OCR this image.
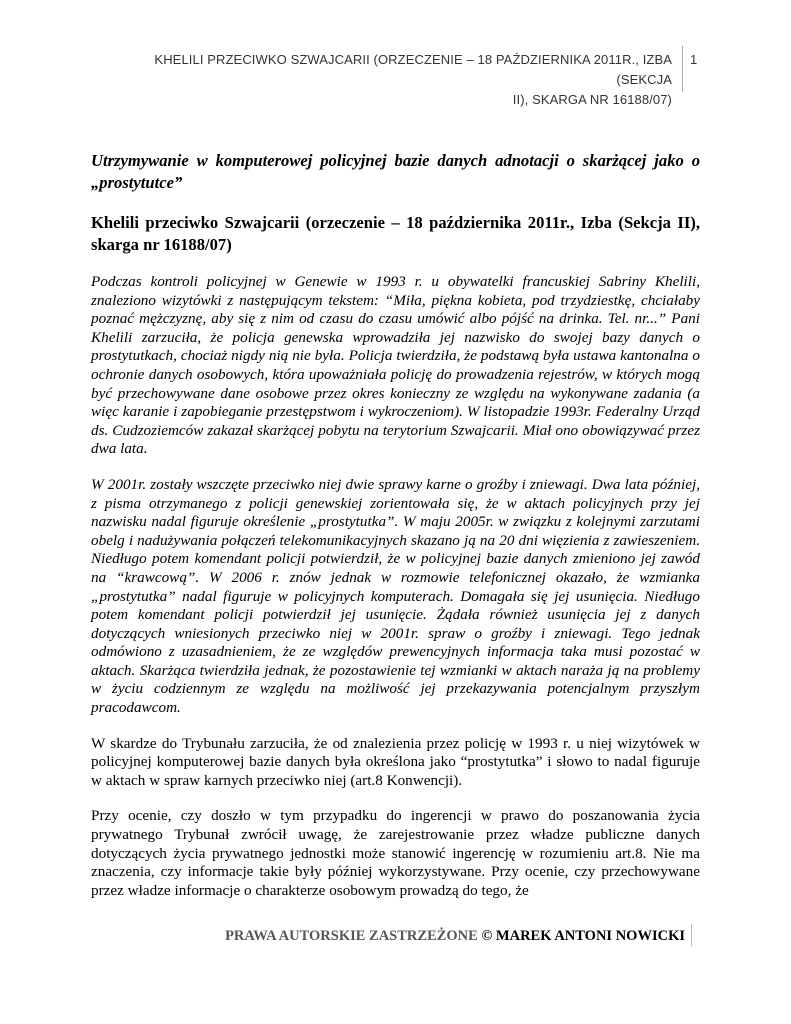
KHELILI PRZECIWKO SZWAJCARII (ORZECZENIE – 18 PAŹDZIERNIKA 2011R., IZBA (SEKCJA
II), SKARGA NR 16188/07)
1

Utrzymywanie w komputerowej policyjnej bazie danych adnotacji o skarżącej jako o „prostytutce”

Khelili przeciwko Szwajcarii (orzeczenie – 18 października 2011r., Izba (Sekcja II), skarga nr 16188/07)

Podczas kontroli policyjnej w Genewie w 1993 r. u obywatelki francuskiej Sabriny Khelili, znaleziono wizytówki z następującym tekstem: “Miła, piękna kobieta, pod trzydziestkę, chciałaby poznać mężczyznę, aby się z nim od czasu do czasu umówić albo pójść na drinka. Tel. nr...” Pani Khelili zarzuciła, że policja genewska wprowadziła jej nazwisko do swojej bazy danych o prostytutkach, chociaż nigdy nią nie była. Policja twierdziła, że podstawą była ustawa kantonalna o ochronie danych osobowych, która upoważniała policję do prowadzenia rejestrów, w których mogą być przechowywane dane osobowe przez okres konieczny ze względu na wykonywane zadania (a więc karanie i zapobieganie przestępstwom i wykroczeniom). W listopadzie 1993r. Federalny Urząd ds. Cudzoziemców zakazał skarżącej pobytu na terytorium Szwajcarii. Miał ono obowiązywać przez dwa lata.

W 2001r. zostały wszczęte przeciwko niej dwie sprawy karne o groźby i zniewagi. Dwa lata później, z pisma otrzymanego z policji genewskiej zorientowała się, że w aktach policyjnych przy jej nazwisku nadal figuruje określenie „prostytutka”. W maju 2005r. w związku z kolejnymi zarzutami obelg i nadużywania połączeń telekomunikacyjnych skazano ją na 20 dni więzienia z zawieszeniem. Niedługo potem komendant policji potwierdził, że w policyjnej bazie danych zmieniono jej zawód na “krawcową”. W 2006 r. znów jednak w rozmowie telefonicznej okazało, że wzmianka „prostytutka” nadal figuruje w policyjnych komputerach. Domagała się jej usunięcia. Niedługo potem komendant policji potwierdził jej usunięcie. Żądała również usunięcia jej z danych dotyczących wniesionych przeciwko niej w 2001r. spraw o groźby i zniewagi. Tego jednak odmówiono z uzasadnieniem, że ze względów prewencyjnych informacja taka musi pozostać w aktach. Skarżąca twierdziła jednak, że pozostawienie tej wzmianki w aktach naraża ją na problemy w życiu codziennym ze względu na możliwość jej przekazywania potencjalnym przyszłym pracodawcom.

W skardze do Trybunału zarzuciła, że od znalezienia przez policję w 1993 r. u niej wizytówek w policyjnej komputerowej bazie danych była określona jako “prostytutka” i słowo to nadal figuruje w aktach w spraw karnych przeciwko niej (art.8 Konwencji).

Przy ocenie, czy doszło w tym przypadku do ingerencji w prawo do poszanowania życia prywatnego Trybunał zwrócił uwagę, że zarejestrowanie przez władze publiczne danych dotyczących życia prywatnego jednostki może stanowić ingerencję w rozumieniu art.8. Nie ma znaczenia, czy informacje takie były później wykorzystywane. Przy ocenie, czy przechowywane przez władze informacje o charakterze osobowym prowadzą do tego, że

PRAWA AUTORSKIE ZASTRZEŻONE © MAREK ANTONI NOWICKI
